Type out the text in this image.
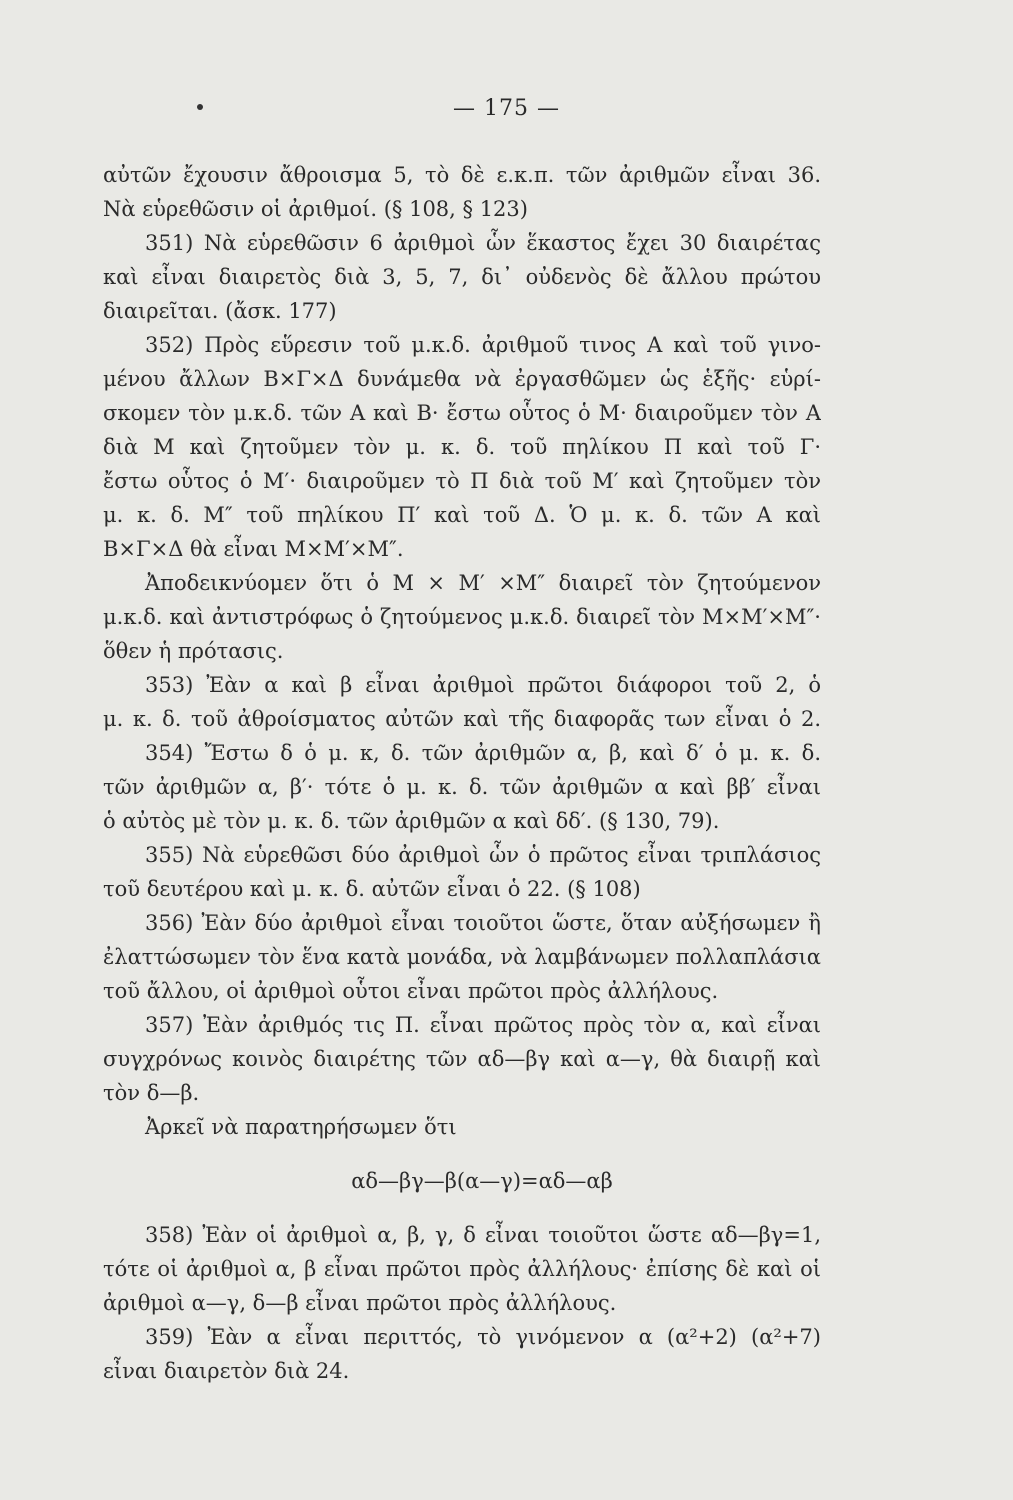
— 175 —
αὐτῶν ἔχουσιν ἄθροισμα 5, τὸ δὲ ε.κ.π. τῶν ἀριθμῶν εἶναι 36.
Νὰ εὑρεθῶσιν οἱ ἀριθμοί. (§ 108, § 123)
351) Νὰ εὑρεθῶσιν 6 ἀριθμοὶ ὧν ἕκαστος ἔχει 30 διαιρέτας
καὶ εἶναι διαιρετὸς διὰ 3, 5, 7, δι᾽ οὐδενὸς δὲ ἄλλου πρώτου
διαιρεῖται. (ἄσκ. 177)
352) Πρὸς εὕρεσιν τοῦ μ.κ.δ. ἀριθμοῦ τινος Α καὶ τοῦ γινο-
μένου ἄλλων Β×Γ×Δ δυνάμεθα νὰ ἐργασθῶμεν ὡς ἑξῆς· εὑρί-
σκομεν τὸν μ.κ.δ. τῶν Α καὶ Β· ἔστω οὗτος ὁ Μ· διαιροῦμεν τὸν Α
διὰ Μ καὶ ζητοῦμεν τὸν μ. κ. δ. τοῦ πηλίκου Π καὶ τοῦ Γ·
ἔστω οὗτος ὁ Μ′· διαιροῦμεν τὸ Π διὰ τοῦ Μ′ καὶ ζητοῦμεν τὸν
μ. κ. δ. Μ″ τοῦ πηλίκου Π′ καὶ τοῦ Δ. Ὁ μ. κ. δ. τῶν Α καὶ
Β×Γ×Δ θὰ εἶναι Μ×Μ′×Μ″.
Ἀποδεικνύομεν ὅτι ὁ Μ × Μ′ ×Μ″ διαιρεῖ τὸν ζητούμενον
μ.κ.δ. καὶ ἀντιστρόφως ὁ ζητούμενος μ.κ.δ. διαιρεῖ τὸν Μ×Μ′×Μ″·
ὅθεν ἡ πρότασις.
353) Ἐὰν α καὶ β εἶναι ἀριθμοὶ πρῶτοι διάφοροι τοῦ 2, ὁ
μ. κ. δ. τοῦ ἀθροίσματος αὐτῶν καὶ τῆς διαφορᾶς των εἶναι ὁ 2.
354) Ἔστω δ ὁ μ. κ, δ. τῶν ἀριθμῶν α, β, καὶ δ′ ὁ μ. κ. δ.
τῶν ἀριθμῶν α, β′· τότε ὁ μ. κ. δ. τῶν ἀριθμῶν α καὶ ββ′ εἶναι
ὁ αὐτὸς μὲ τὸν μ. κ. δ. τῶν ἀριθμῶν α καὶ δδ′. (§ 130, 79).
355) Νὰ εὑρεθῶσι δύο ἀριθμοὶ ὧν ὁ πρῶτος εἶναι τριπλάσιος
τοῦ δευτέρου καὶ μ. κ. δ. αὐτῶν εἶναι ὁ 22. (§ 108)
356) Ἐὰν δύο ἀριθμοὶ εἶναι τοιοῦτοι ὥστε, ὅταν αὐξήσωμεν ἢ
ἐλαττώσωμεν τὸν ἕνα κατὰ μονάδα, νὰ λαμβάνωμεν πολλαπλάσια
τοῦ ἄλλου, οἱ ἀριθμοὶ οὗτοι εἶναι πρῶτοι πρὸς ἀλλήλους.
357) Ἐὰν ἀριθμός τις Π. εἶναι πρῶτος πρὸς τὸν α, καὶ εἶναι
συγχρόνως κοινὸς διαιρέτης τῶν αδ—βγ καὶ α—γ, θὰ διαιρῇ καὶ
τὸν δ—β.
Ἀρκεῖ νὰ παρατηρήσωμεν ὅτι
αδ—βγ—β(α—γ)=αδ—αβ
358) Ἐὰν οἱ ἀριθμοὶ α, β, γ, δ εἶναι τοιοῦτοι ὥστε αδ—βγ=1,
τότε οἱ ἀριθμοὶ α, β εἶναι πρῶτοι πρὸς ἀλλήλους· ἐπίσης δὲ καὶ οἱ
ἀριθμοὶ α—γ, δ—β εἶναι πρῶτοι πρὸς ἀλλήλους.
359) Ἐὰν α εἶναι περιττός, τὸ γινόμενον α (α²+2) (α²+7)
εἶναι διαιρετὸν διὰ 24.
